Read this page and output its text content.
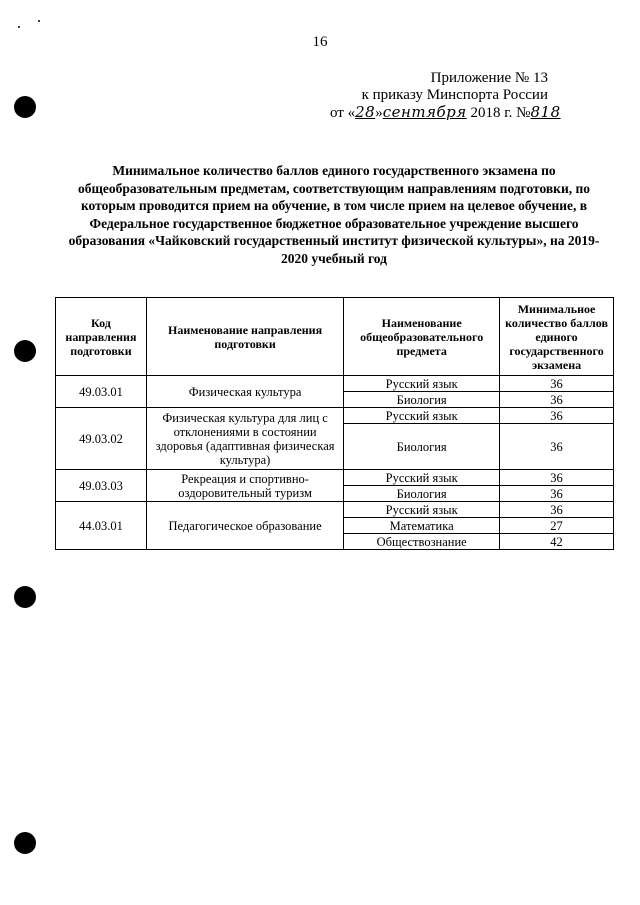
16
Приложение № 13
к приказу Минспорта России
от «28»сентября 2018 г. №818
Минимальное количество баллов единого государственного экзамена по общеобразовательным предметам, соответствующим направлениям подготовки, по которым проводится прием на обучение, в том числе прием на целевое обучение, в Федеральное государственное бюджетное образовательное учреждение высшего образования «Чайковский государственный институт физической культуры», на 2019-2020 учебный год
Код направления подготовки	Наименование направления подготовки	Наименование общеобразовательного предмета	Минимальное количество баллов единого государственного экзамена
49.03.01	Физическая культура	Русский язык	36
		Биология	36
49.03.02	Физическая культура для лиц с отклонениями в состоянии здоровья (адаптивная физическая культура)	Русский язык	36
		Биология	36
49.03.03	Рекреация и спортивно-оздоровительный туризм	Русский язык	36
		Биология	36
44.03.01	Педагогическое образование	Русский язык	36
		Математика	27
		Обществознание	42
